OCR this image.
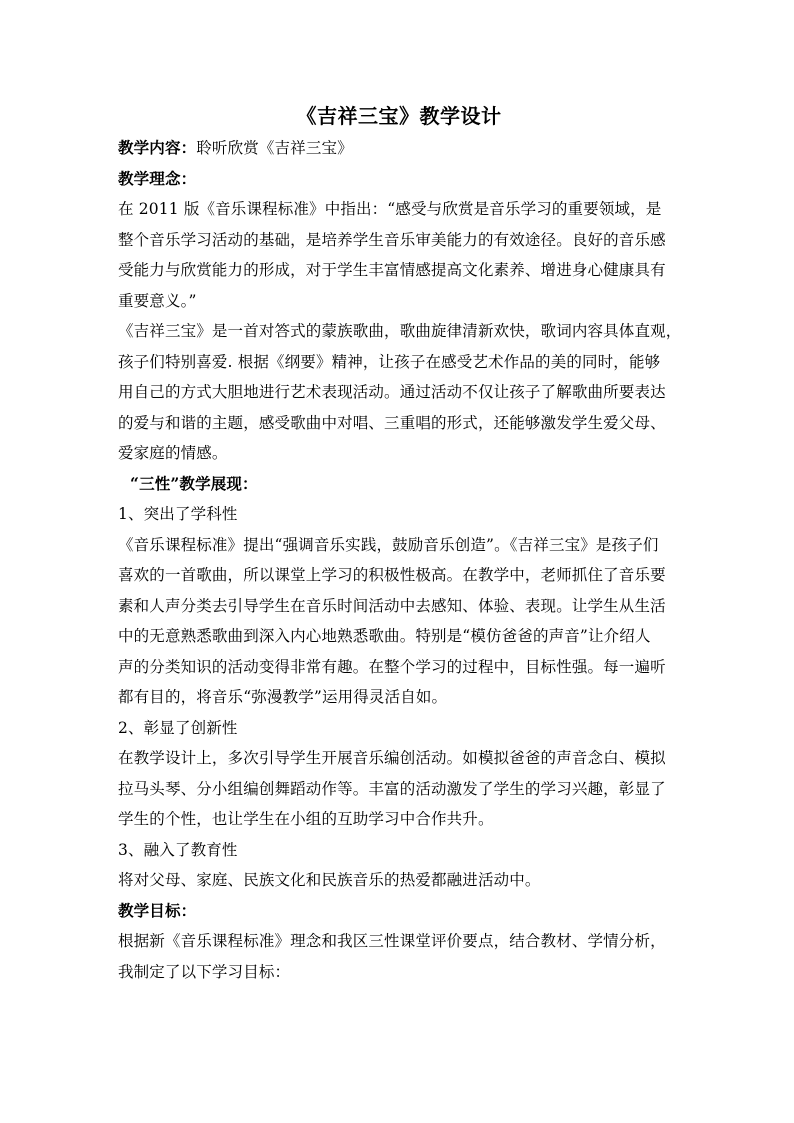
《吉祥三宝》教学设计
教学内容：聆听欣赏《吉祥三宝》
教学理念：
在 2011 版《音乐课程标准》中指出：“感受与欣赏是音乐学习的重要领域，是
整个音乐学习活动的基础，是培养学生音乐审美能力的有效途径。良好的音乐感
受能力与欣赏能力的形成，对于学生丰富情感提高文化素养、增进身心健康具有
重要意义。”
《吉祥三宝》是一首对答式的蒙族歌曲，歌曲旋律清新欢快，歌词内容具体直观，
孩子们特别喜爱. 根据《纲要》精神，让孩子在感受艺术作品的美的同时，能够
用自己的方式大胆地进行艺术表现活动。通过活动不仅让孩子了解歌曲所要表达
的爱与和谐的主题，感受歌曲中对唱、三重唱的形式，还能够激发学生爱父母、
爱家庭的情感。
“三性”教学展现：
1、突出了学科性
《音乐课程标准》提出“强调音乐实践，鼓励音乐创造”。《吉祥三宝》是孩子们
喜欢的一首歌曲，所以课堂上学习的积极性极高。在教学中，老师抓住了音乐要
素和人声分类去引导学生在音乐时间活动中去感知、体验、表现。让学生从生活
中的无意熟悉歌曲到深入内心地熟悉歌曲。特别是“模仿爸爸的声音”让介绍人
声的分类知识的活动变得非常有趣。在整个学习的过程中，目标性强。每一遍听
都有目的，将音乐“弥漫教学”运用得灵活自如。
2、彰显了创新性
在教学设计上，多次引导学生开展音乐编创活动。如模拟爸爸的声音念白、模拟
拉马头琴、分小组编创舞蹈动作等。丰富的活动激发了学生的学习兴趣，彰显了
学生的个性，也让学生在小组的互助学习中合作共升。
3、融入了教育性
将对父母、家庭、民族文化和民族音乐的热爱都融进活动中。
教学目标：
根据新《音乐课程标准》理念和我区三性课堂评价要点，结合教材、学情分析，
我制定了以下学习目标：
